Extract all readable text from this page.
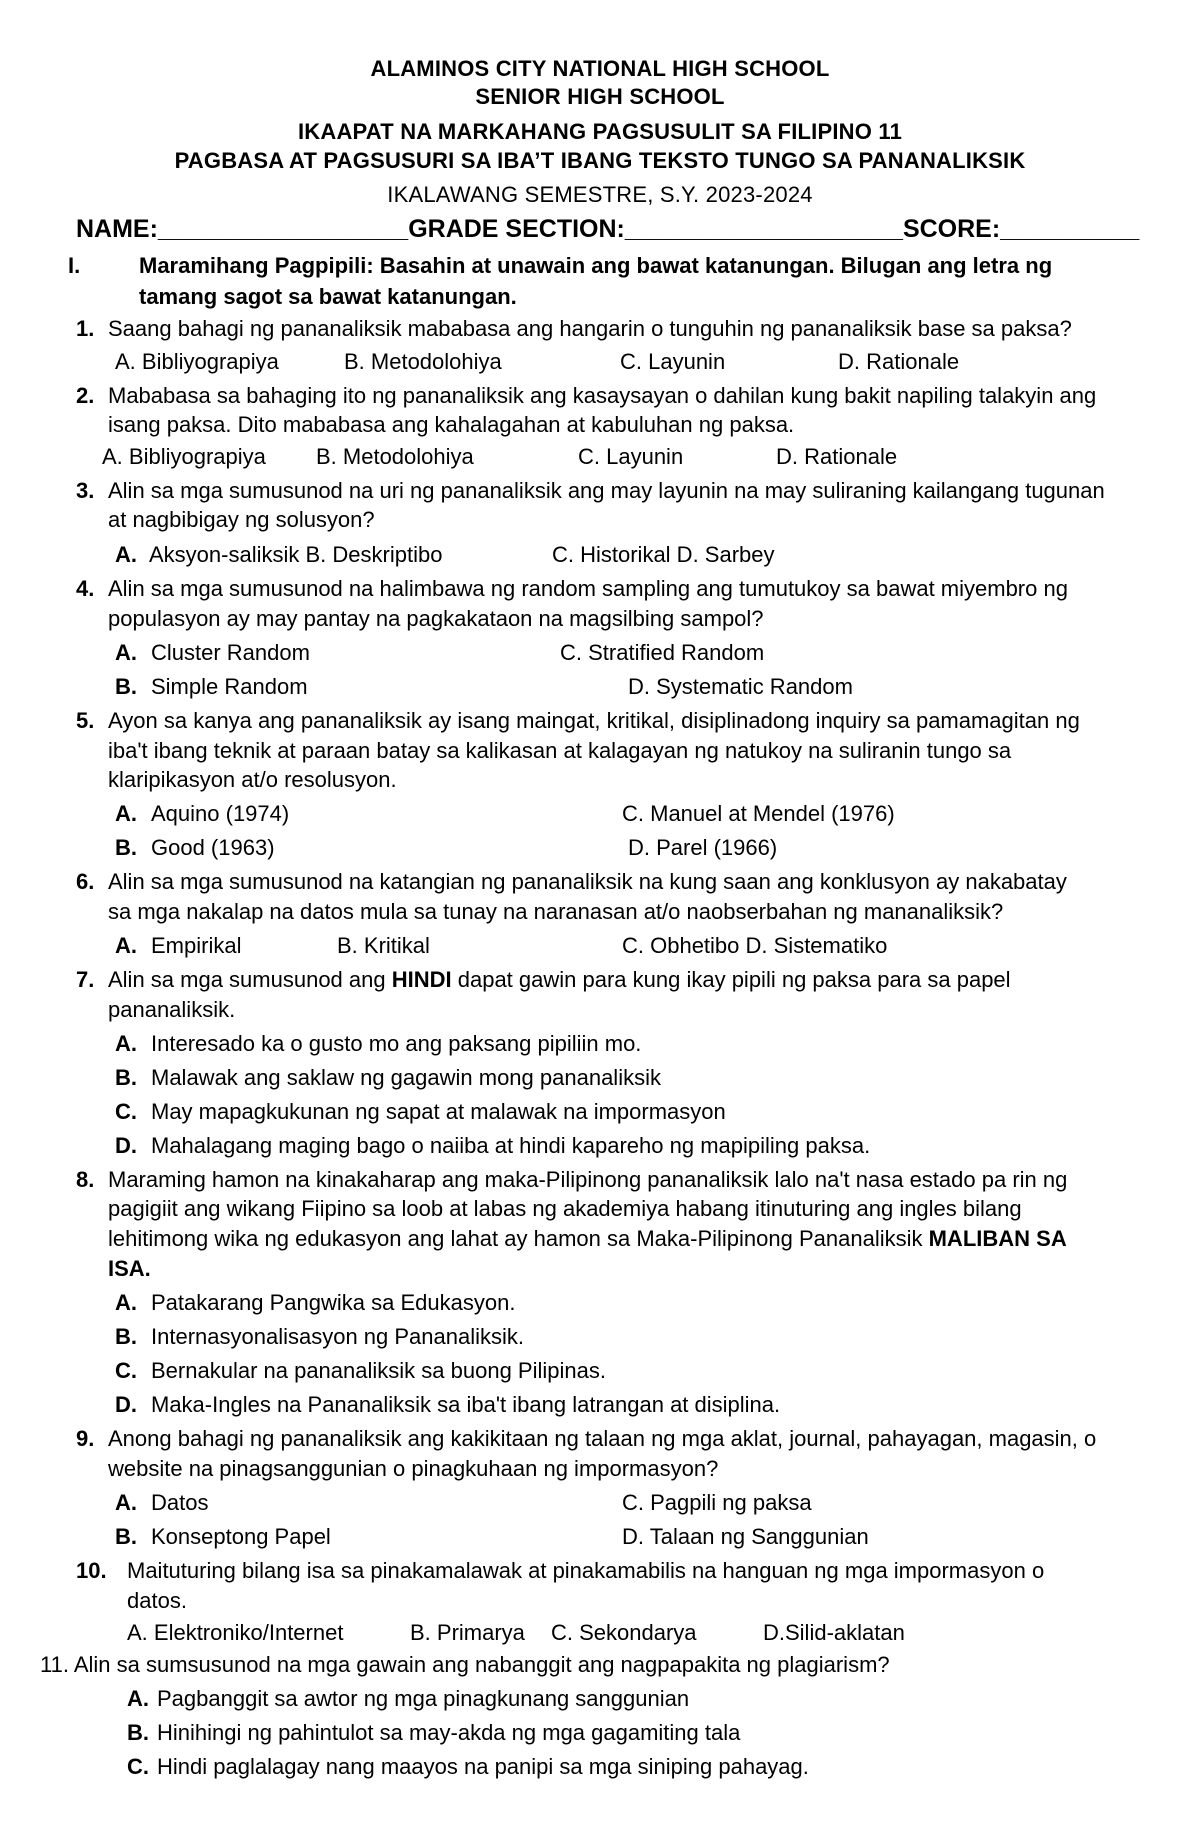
ALAMINOS CITY NATIONAL HIGH SCHOOL
SENIOR HIGH SCHOOL
IKAAPAT NA MARKAHANG PAGSUSULIT SA FILIPINO 11
PAGBASA AT PAGSUSURI SA IBA’T IBANG TEKSTO TUNGO SA PANANALIKSIK
IKALAWANG SEMESTRE, S.Y. 2023-2024
NAME:__________________GRADE SECTION:____________________SCORE:__________
I.	Maramihang Pagpipili: Basahin at unawain ang bawat katanungan. Bilugan ang letra ng
tamang sagot sa bawat katanungan.
1. Saang bahagi ng pananaliksik mababasa ang hangarin o tunguhin ng pananaliksik base sa paksa?
A. Bibliyograpiya	B. Metodolohiya	C. Layunin	D. Rationale
2. Mababasa sa bahaging ito ng pananaliksik ang kasaysayan o dahilan kung bakit napiling talakyin ang
isang paksa. Dito mababasa ang kahalagahan at kabuluhan ng paksa.
A. Bibliyograpiya B. Metodolohiya	C. Layunin	D. Rationale
3. Alin sa mga sumusunod na uri ng pananaliksik ang may layunin na may suliraning kailangang tugunan
at nagbibigay ng solusyon?
A. Aksyon-saliksik B. Deskriptibo	C. Historikal D. Sarbey
4. Alin sa mga sumusunod na halimbawa ng random sampling ang tumutukoy sa bawat miyembro ng
populasyon ay may pantay na pagkakataon na magsilbing sampol?
A. Cluster Random	C. Stratified Random
B. Simple Random	D. Systematic Random
5. Ayon sa kanya ang pananaliksik ay isang maingat, kritikal, disiplinadong inquiry sa pamamagitan ng
iba't ibang teknik at paraan batay sa kalikasan at kalagayan ng natukoy na suliranin tungo sa
klaripikasyon at/o resolusyon.
A. Aquino (1974)	C. Manuel at Mendel (1976)
B. Good (1963)	D. Parel (1966)
6. Alin sa mga sumusunod na katangian ng pananaliksik na kung saan ang konklusyon ay nakabatay
sa mga nakalap na datos mula sa tunay na naranasan at/o naobserbahan ng mananaliksik?
A. Empirikal	B. Kritikal	C. Obhetibo D. Sistematiko
7. Alin sa mga sumusunod ang HINDI dapat gawin para kung ikay pipili ng paksa para sa papel
pananaliksik.
A. Interesado ka o gusto mo ang paksang pipiliin mo.
B. Malawak ang saklaw ng gagawin mong pananaliksik
C. May mapagkukunan ng sapat at malawak na impormasyon
D. Mahalagang maging bago o naiiba at hindi kapareho ng mapipiling paksa.
8. Maraming hamon na kinakaharap ang maka-Pilipinong pananaliksik lalo na't nasa estado pa rin ng
pagigiit ang wikang Fiipino sa loob at labas ng akademiya habang itinuturing ang ingles bilang
lehitimong wika ng edukasyon ang lahat ay hamon sa Maka-Pilipinong Pananaliksik MALIBAN SA
ISA.
A. Patakarang Pangwika sa Edukasyon.
B. Internasyonalisasyon ng Pananaliksik.
C. Bernakular na pananaliksik sa buong Pilipinas.
D. Maka-Ingles na Pananaliksik sa iba't ibang latrangan at disiplina.
9. Anong bahagi ng pananaliksik ang kakikitaan ng talaan ng mga aklat, journal, pahayagan, magasin, o
website na pinagsanggunian o pinagkuhaan ng impormasyon?
A. Datos	C. Pagpili ng paksa
B. Konseptong Papel	D. Talaan ng Sanggunian
10. Maituturing bilang isa sa pinakamalawak at pinakamabilis na hanguan ng mga impormasyon o
datos.
A. Elektroniko/Internet	B. Primarya C. Sekondarya	D.Silid-aklatan
11. Alin sa sumsusunod na mga gawain ang nabanggit ang nagpapakita ng plagiarism?
A. Pagbanggit sa awtor ng mga pinagkunang sanggunian
B. Hinihingi ng pahintulot sa may-akda ng mga gagamiting tala
C. Hindi paglalagay nang maayos na panipi sa mga siniping pahayag.
